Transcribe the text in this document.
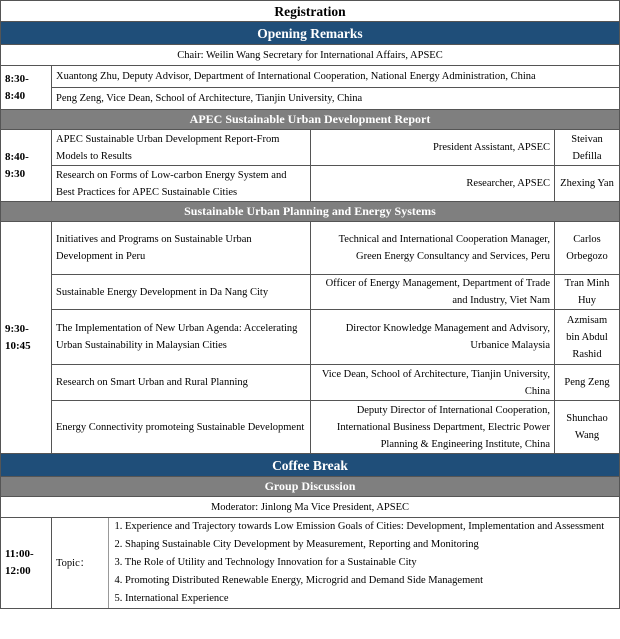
Registration
Opening Remarks
Chair: Weilin Wang Secretary for International Affairs, APSEC
8:30-
8:40	Xuantong Zhu, Deputy Advisor, Department of International Cooperation, National Energy Administration, China
Peng Zeng, Vice Dean, School of Architecture, Tianjin University, China
APEC Sustainable Urban Development Report
8:40-
9:30	APEC Sustainable Urban Development Report-From Models to Results	President Assistant, APSEC	Steivan Defilla
Research on Forms of Low-carbon Energy System and Best Practices for APEC Sustainable Cities	Researcher, APSEC	Zhexing Yan
Sustainable Urban Planning and Energy Systems
9:30-
10:45	Initiatives and Programs on Sustainable Urban Development in Peru	Technical and International Cooperation Manager, Green Energy Consultancy and Services, Peru	Carlos Orbegozo
Sustainable Energy Development in Da Nang City	Officer of Energy Management, Department of Trade and Industry, Viet Nam	Tran Minh Huy
The Implementation of New Urban Agenda: Accelerating Urban Sustainability in Malaysian Cities	Director Knowledge Management and Advisory, Urbanice Malaysia	Azmisam bin Abdul Rashid
Research on Smart Urban and Rural Planning	Vice Dean, School of Architecture, Tianjin University, China	Peng Zeng
Energy Connectivity promoteing Sustainable Development	Deputy Director of International Cooperation, International Business Department, Electric Power Planning & Engineering Institute, China	Shunchao Wang
Coffee Break
Group Discussion
Moderator: Jinlong Ma Vice President, APSEC
11:00-
12:00	
Topic：	
1. Experience and Trajectory towards Low Emission Goals of Cities: Development, Implementation and Assessment
2. Shaping Sustainable City Development by Measurement, Reporting and Monitoring
3. The Role of Utility and Technology Innovation for a Sustainable City
4. Promoting Distributed Renewable Energy, Microgrid and Demand Side Management
5. International Experience
